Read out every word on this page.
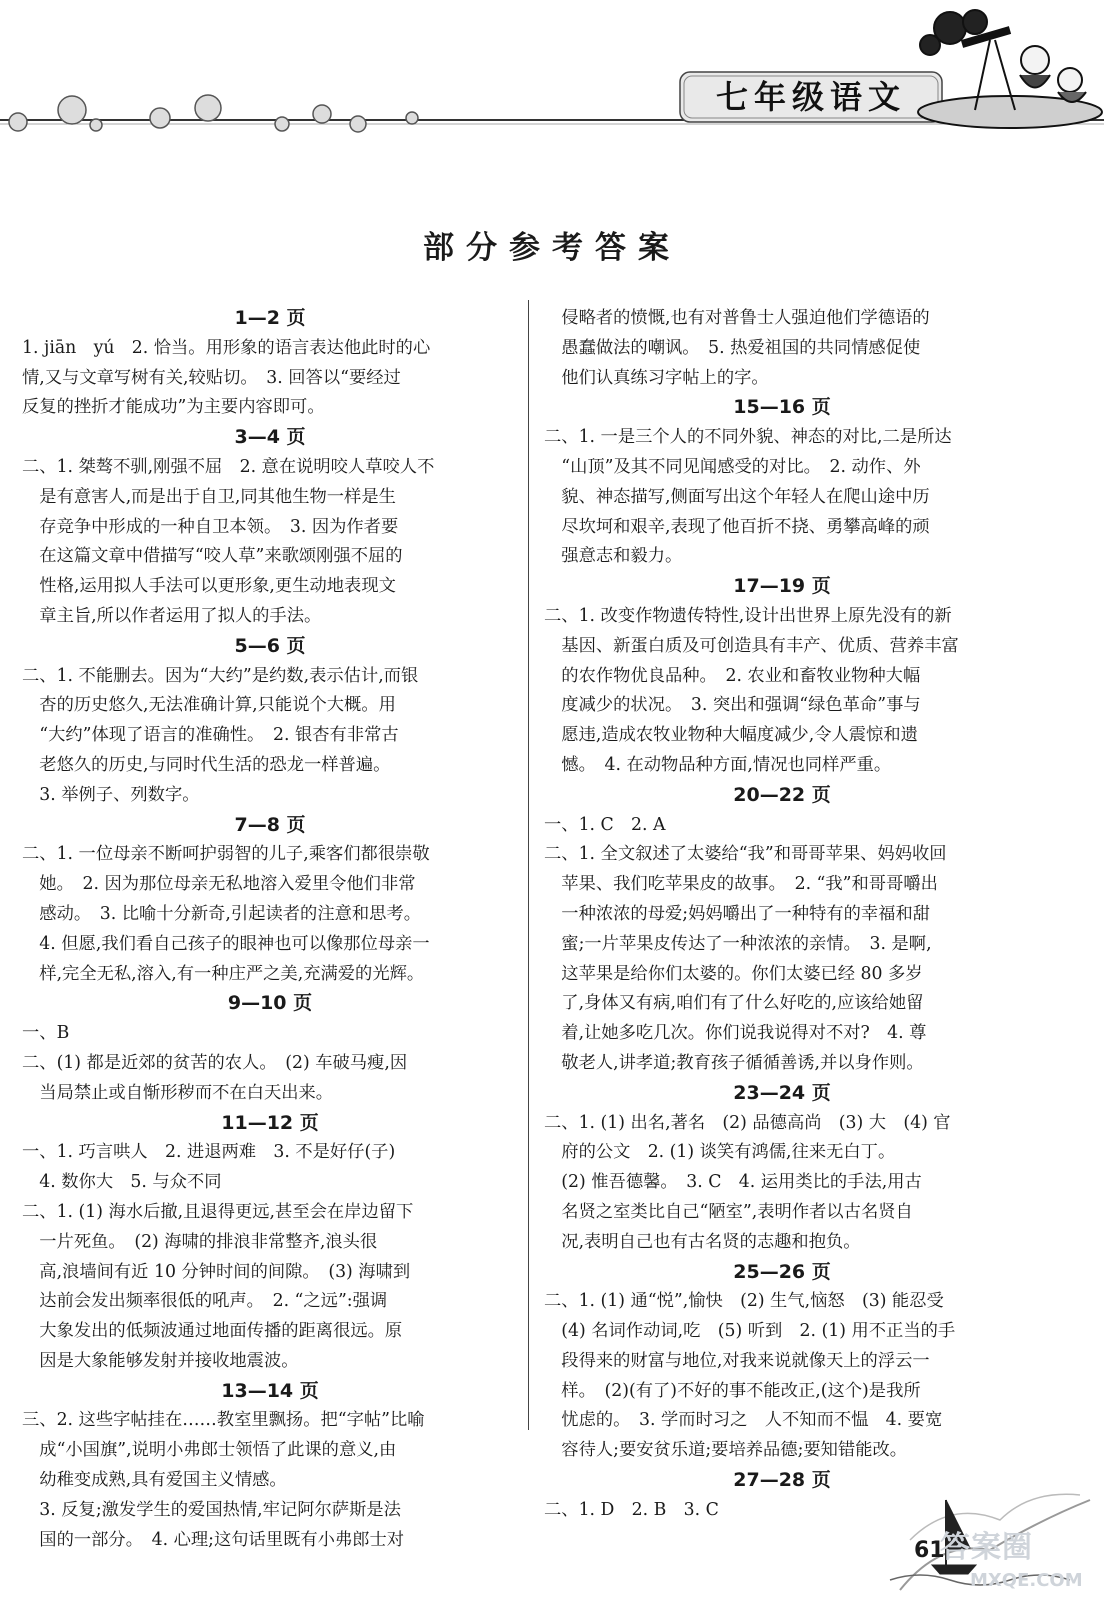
七年级语文
部分参考答案
1—2 页
1. jiān　yú　2. 恰当。用形象的语言表达他此时的心
情,又与文章写树有关,较贴切。　3. 回答以“要经过
反复的挫折才能成功”为主要内容即可。
3—4 页
二、1. 桀骜不驯,刚强不屈　2. 意在说明咬人草咬人不
　是有意害人,而是出于自卫,同其他生物一样是生
　存竞争中形成的一种自卫本领。　3. 因为作者要
　在这篇文章中借描写“咬人草”来歌颂刚强不屈的
　性格,运用拟人手法可以更形象,更生动地表现文
　章主旨,所以作者运用了拟人的手法。
5—6 页
二、1. 不能删去。因为“大约”是约数,表示估计,而银
　杏的历史悠久,无法准确计算,只能说个大概。用
　“大约”体现了语言的准确性。　2. 银杏有非常古
　老悠久的历史,与同时代生活的恐龙一样普遍。
　3. 举例子、列数字。
7—8 页
二、1. 一位母亲不断呵护弱智的儿子,乘客们都很崇敬
　她。　2. 因为那位母亲无私地溶入爱里令他们非常
　感动。　3. 比喻十分新奇,引起读者的注意和思考。
　4. 但愿,我们看自己孩子的眼神也可以像那位母亲一
　样,完全无私,溶入,有一种庄严之美,充满爱的光辉。
9—10 页
一、B
二、(1) 都是近郊的贫苦的农人。　(2) 车破马瘦,因
　当局禁止或自惭形秽而不在白天出来。
11—12 页
一、1. 巧言哄人　2. 进退两难　3. 不是好仔(子)
　4. 数你大　5. 与众不同
二、1. (1) 海水后撤,且退得更远,甚至会在岸边留下
　一片死鱼。　(2) 海啸的排浪非常整齐,浪头很
　高,浪墙间有近 10 分钟时间的间隙。　(3) 海啸到
　达前会发出频率很低的吼声。　2. “之远”:强调
　大象发出的低频波通过地面传播的距离很远。原
　因是大象能够发射并接收地震波。
13—14 页
三、2. 这些字帖挂在……教室里飘扬。把“字帖”比喻
　成“小国旗”,说明小弗郎士领悟了此课的意义,由
　幼稚变成熟,具有爱国主义情感。
　3. 反复;激发学生的爱国热情,牢记阿尔萨斯是法
　国的一部分。　4. 心理;这句话里既有小弗郎士对
　侵略者的愤慨,也有对普鲁士人强迫他们学德语的
　愚蠢做法的嘲讽。　5. 热爱祖国的共同情感促使
　他们认真练习字帖上的字。
15—16 页
二、1. 一是三个人的不同外貌、神态的对比,二是所达
　“山顶”及其不同见闻感受的对比。　2. 动作、外
　貌、神态描写,侧面写出这个年轻人在爬山途中历
　尽坎坷和艰辛,表现了他百折不挠、勇攀高峰的顽
　强意志和毅力。
17—19 页
二、1. 改变作物遗传特性,设计出世界上原先没有的新
　基因、新蛋白质及可创造具有丰产、优质、营养丰富
　的农作物优良品种。　2. 农业和畜牧业物种大幅
　度减少的状况。　3. 突出和强调“绿色革命”事与
　愿违,造成农牧业物种大幅度减少,令人震惊和遗
　憾。　4. 在动物品种方面,情况也同样严重。
20—22 页
一、1. C　2. A
二、1. 全文叙述了太婆给“我”和哥哥苹果、妈妈收回
　苹果、我们吃苹果皮的故事。　2. “我”和哥哥嚼出
　一种浓浓的母爱;妈妈嚼出了一种特有的幸福和甜
　蜜;一片苹果皮传达了一种浓浓的亲情。　3. 是啊,
　这苹果是给你们太婆的。你们太婆已经 80 多岁
　了,身体又有病,咱们有了什么好吃的,应该给她留
　着,让她多吃几次。你们说我说得对不对?　4. 尊
　敬老人,讲孝道;教育孩子循循善诱,并以身作则。
23—24 页
二、1. (1) 出名,著名　(2) 品德高尚　(3) 大　(4) 官
　府的公文　2. (1) 谈笑有鸿儒,往来无白丁。
　(2) 惟吾德馨。　3. C　4. 运用类比的手法,用古
　名贤之室类比自己“陋室”,表明作者以古名贤自
　况,表明自己也有古名贤的志趣和抱负。
25—26 页
二、1. (1) 通“悦”,愉快　(2) 生气,恼怒　(3) 能忍受
　(4) 名词作动词,吃　(5) 听到　2. (1) 用不正当的手
　段得来的财富与地位,对我来说就像天上的浮云一
　样。　(2)(有了)不好的事不能改正,(这个)是我所
　忧虑的。　3. 学而时习之　人不知而不愠　4. 要宽
　容待人;要安贫乐道;要培养品德;要知错能改。
27—28 页
二、1. D　2. B　3. C
61
答案圈
MXQE.COM
